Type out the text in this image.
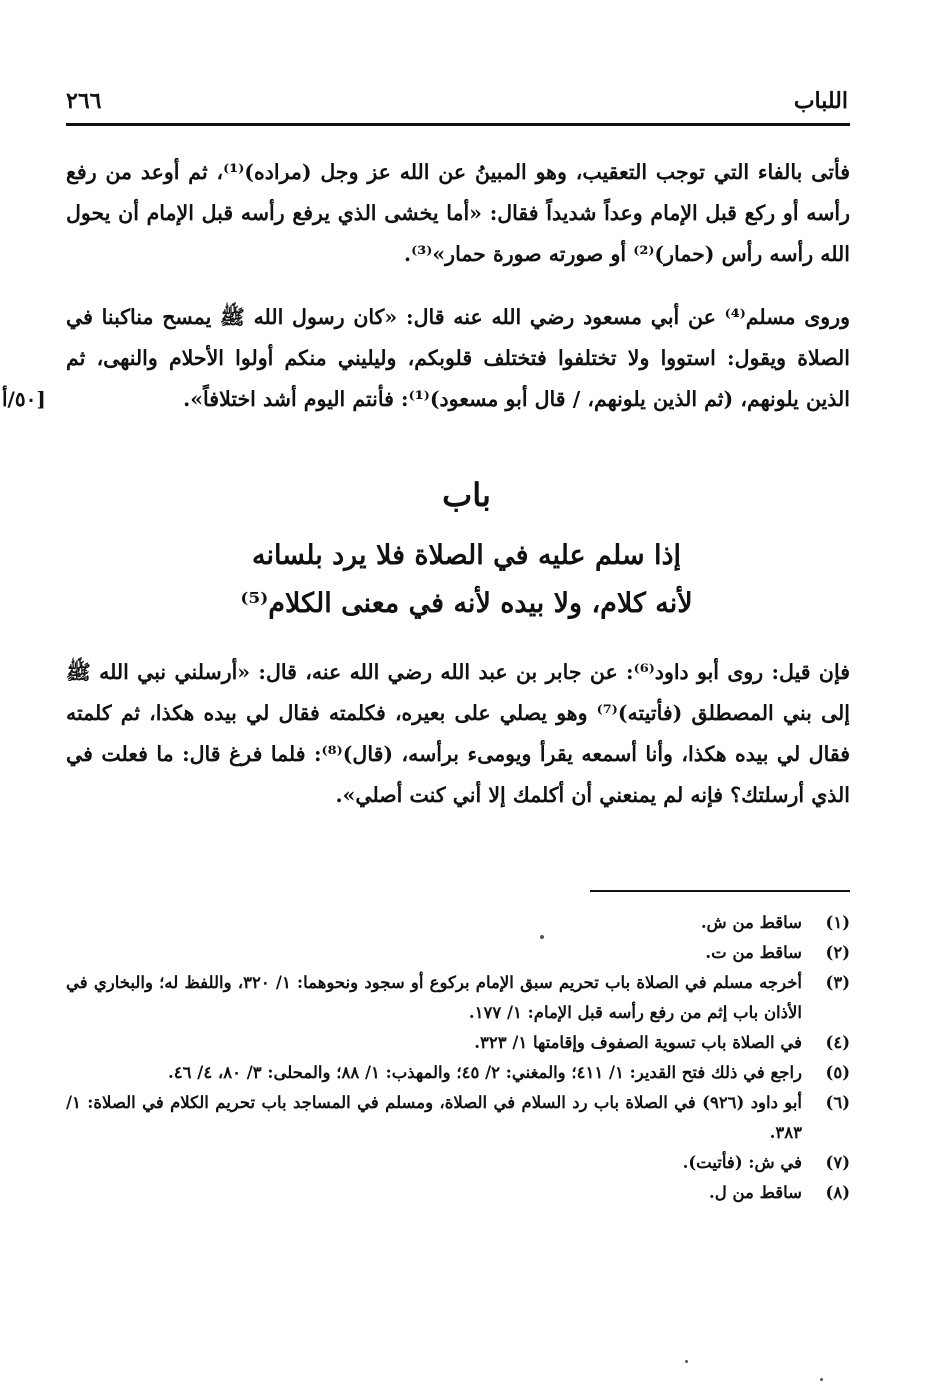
اللباب
٢٦٦

فأتى بالفاء التي توجب التعقيب، وهو المبينُ عن الله عز وجل (مراده)⁽¹⁾، ثم أوعد من رفع رأسه أو ركع قبل الإمام وعداً شديداً فقال: «أما يخشى الذي يرفع رأسه قبل الإمام أن يحول الله رأسه رأس (حمار)⁽²⁾ أو صورته صورة حمار»⁽³⁾.

وروى مسلم⁽⁴⁾ عن أبي مسعود رضي الله عنه قال: «كان رسول الله ﷺ يمسح مناكبنا في الصلاة ويقول: استووا ولا تختلفوا فتختلف قلوبكم، وليليني منكم أولوا الأحلام والنهى، ثم الذين يلونهم، (ثم الذين يلونهم، / قال أبو مسعود)⁽¹⁾: فأنتم اليوم أشد اختلافاً».

٥٠/أ]
باب
إذا سلم عليه في الصلاة فلا يرد بلسانه
لأنه كلام، ولا بيده لأنه في معنى الكلام⁽⁵⁾

فإن قيل: روى أبو داود⁽⁶⁾: عن جابر بن عبد الله رضي الله عنه، قال: «أرسلني نبي الله ﷺ إلى بني المصطلق (فأتيته)⁽⁷⁾ وهو يصلي على بعيره، فكلمته فقال لي بيده هكذا، ثم كلمته فقال لي بيده هكذا، وأنا أسمعه يقرأ ويومىء برأسه، (قال)⁽⁸⁾: فلما فرغ قال: ما فعلت في الذي أرسلتك؟ فإنه لم يمنعني أن أكلمك إلا أني كنت أصلي».

(١)
ساقط من ش.
(٢)
ساقط من ت.
(٣)
أخرجه مسلم في الصلاة باب تحريم سبق الإمام بركوع أو سجود ونحوهما: ١/ ٣٢٠، واللفظ له؛ والبخاري في الأذان باب إثم من رفع رأسه قبل الإمام: ١/ ١٧٧.
(٤)
في الصلاة باب تسوية الصفوف وإقامتها ١/ ٣٢٣.
(٥)
راجع في ذلك فتح القدير: ١/ ٤١١؛ والمغني: ٢/ ٤٥؛ والمهذب: ١/ ٨٨؛ والمحلى: ٣/ ٨٠، ٤/ ٤٦.
(٦)
أبو داود (٩٢٦) في الصلاة باب رد السلام في الصلاة، ومسلم في المساجد باب تحريم الكلام في الصلاة: ١/ ٣٨٣.
(٧)
في ش: (فأتيت).
(٨)
ساقط من ل.
